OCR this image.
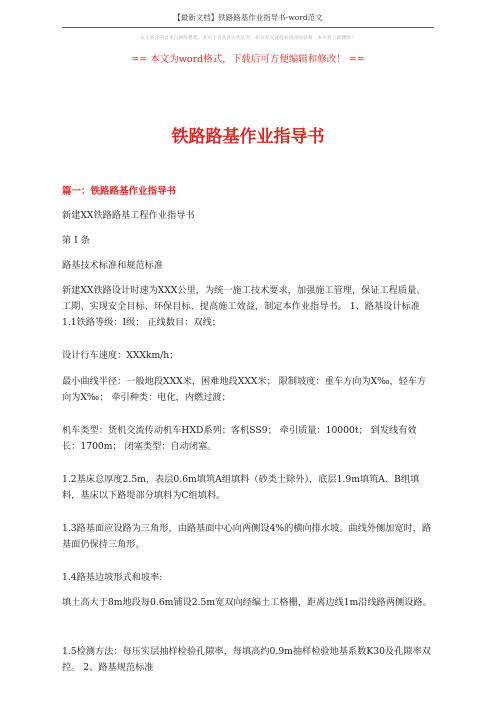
【最新文档】铁路路基作业指导书-word范文
本文部分内容来自网络整理，本司不为其真实性负责，如有异议或侵权请及时联系，本司将立即删除！
== 本文为word格式，下载后可方便编辑和修改！ ==
铁路路基作业指导书
篇一：铁路路基作业指导书

新建XX铁路路基工程作业指导书

第 I 条

路基技术标准和规范标准

新建XX铁路设计时速为XXX公里，为统一施工技术要求，加强施工管理，保证工程质量、工期、实现安全目标、环保目标、提高施工效益，制定本作业指导书。 1、路基设计标准 1.1铁路等级：Ⅰ级； 正线数目：双线；

设计行车速度：XXXkm/h；

最小曲线半径：一般地段XXX米，困难地段XXX米； 限制坡度：重车方向为X‰，轻车方向为X‰； 牵引种类：电化，内燃过渡；

机车类型：货机交流传动机车HXD系列；客机SS9； 牵引质量：10000t； 到发线有效长：1700m； 闭塞类型：自动闭塞。

1.2基床总厚度2.5m，表层0.6m填筑A组填料（砂类土除外），底层1.9m填筑A、B组填料，基床以下路堤部分填料为C组填料。

1.3路基面应设路为三角形，由路基面中心向两侧设4%的横向排水坡。曲线外侧加宽时，路基面仍保持三角形。

1.4路基边坡形式和坡率:

填土高大于8m地段每0.6m铺设2.5m宽双向经编土工格栅，距离边线1m沿线路两侧设路。

1.5检测方法：每压实层抽样检验孔隙率，每填高约0.9m抽样检验地基系数K30及孔隙率双控。 2、路基规范标准
